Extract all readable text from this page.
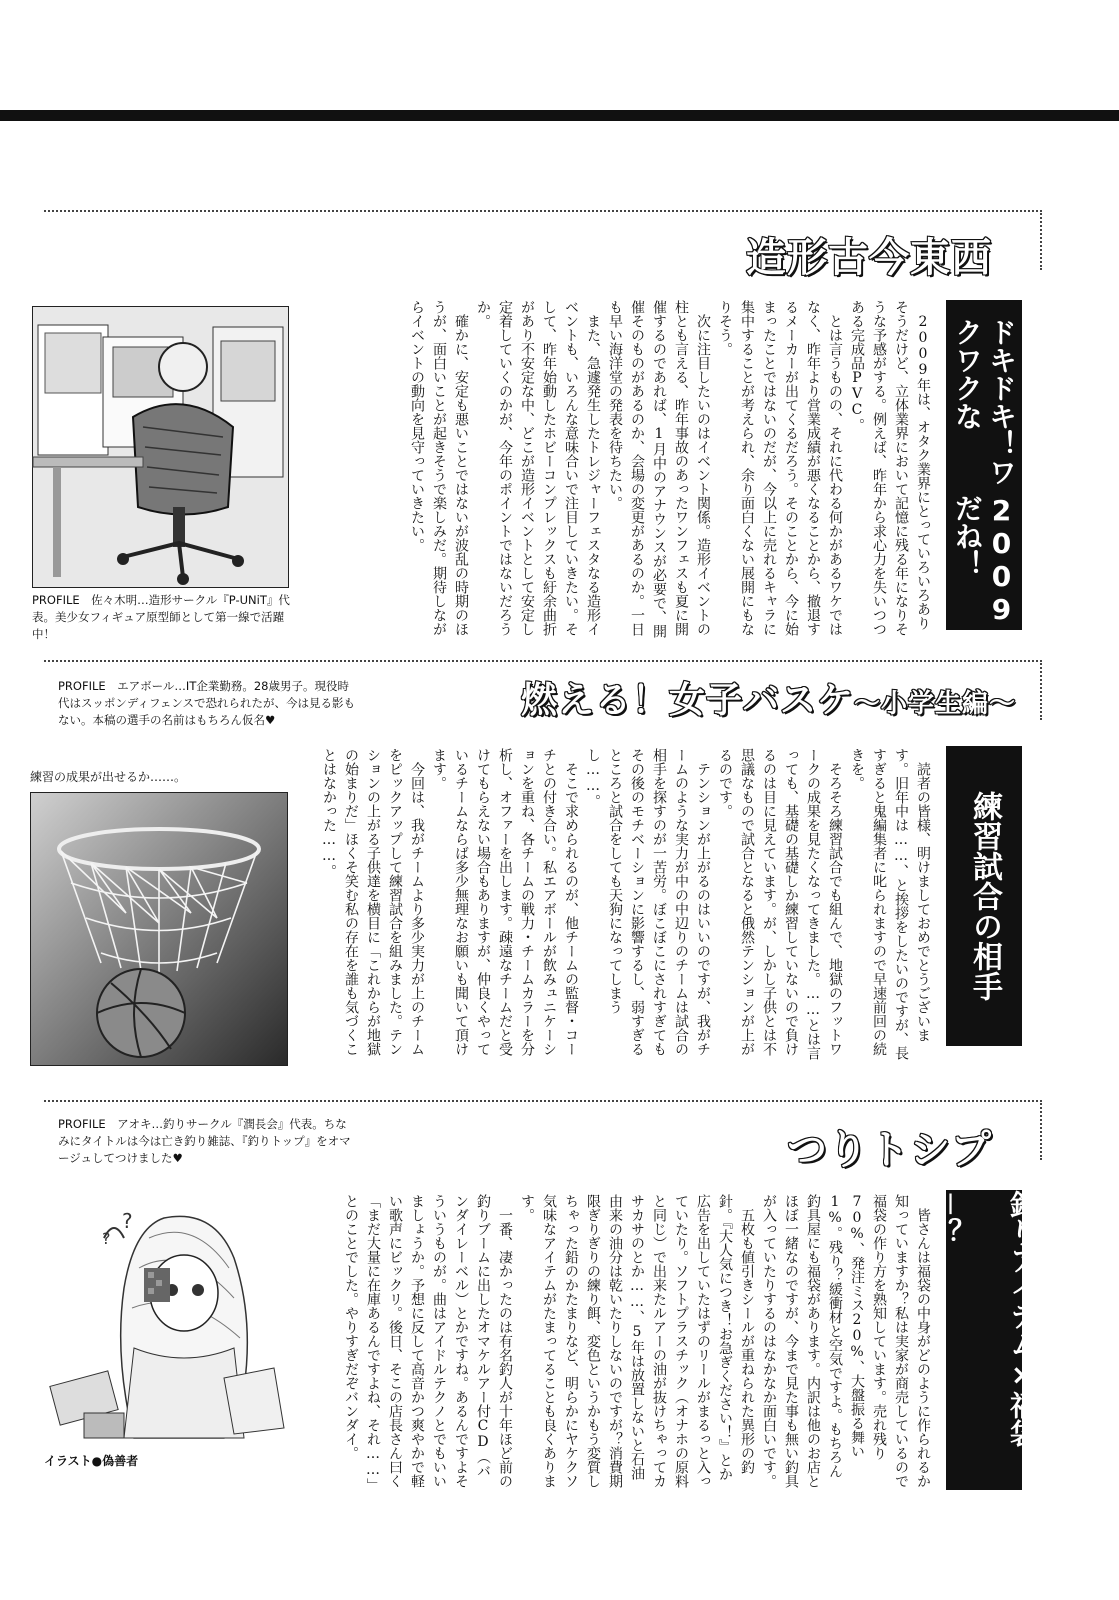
造形古今東西
ドキドキ！ワクワクな
2009だね！

2009年は、オタク業界にとっていろいろありそうだけど、立体業界において記憶に残る年になりそうな予感がする。例えば、昨年から求心力を失いつつある完成品PVC。

とは言うものの、それに代わる何かがあるワケではなく、昨年より営業成績が悪くなることから、撤退するメーカーが出てくるだろう。そのことから、今に始まったことではないのだが、今以上に売れるキャラに集中することが考えられ、余り面白くない展開にもなりそう。

次に注目したいのはイベント関係。造形イベントの柱とも言える、昨年事故のあったワンフェスも夏に開催するのであれば、1月中のアナウンスが必要で、開催そのものがあるのか、会場の変更があるのか。一日も早い海洋堂の発表を待ちたい。

また、急遽発生したトレジャーフェスタなる造形イベントも、いろんな意味合いで注目していきたい。そして、昨年始動したホビーコンプレックスも紆余曲折があり不安定な中、どこが造形イベントとして安定し定着していくのかが、今年のポイントではないだろうか。

確かに、安定も悪いことではないが波乱の時期のほうが、面白いことが起きそうで楽しみだ。期待しながらイベントの動向を見守っていきたい。

PROFILE　佐々木明…造形サークル『P-UNiT』代表。美少女フィギュア原型師として第一線で活躍中！
燃える！女子バスケ～小学生編～
練習試合の相手

読者の皆様、明けましておめでとうございます。旧年中は……、と挨拶をしたいのですが、長すぎると鬼編集者に叱られますので早速前回の続きを。

そろそろ練習試合でも組んで、地獄のフットワークの成果を見たくなってきました。……とは言っても、基礎の基礎しか練習していないので負けるのは目に見えています。が、しかし子供とは不思議なもので試合となると俄然テンションが上がるのです。

テンションが上がるのはいいのですが、我がチームのような実力が中の中辺りのチームは試合の相手を探すのが一苦労。ぼこぼこにされすぎてもその後のモチベーションに影響するし、弱すぎるところと試合をしても天狗になってしまうし……。

そこで求められるのが、他チームの監督・コーチとの付き合い。私エアボールが飲みュニケーションを重ね、各チームの戦力・チームカラーを分析し、オファーを出します。疎遠なチームだと受けてもらえない場合もありますが、仲良くやっているチームならば多少無理なお願いも聞いて頂けます。

今回は、我がチームより多少実力が上のチームをピックアップして練習試合を組みました。テンションの上がる子供達を横目に「これからが地獄の始まりだ」ほくそ笑む私の存在を誰も気づくことはなかった……。

PROFILE　エアボール…IT企業勤務。28歳男子。現役時代はスッポンディフェンスで恐れられたが、今は見る影もない。本稿の選手の名前はもちろん仮名♥
練習の成果が出せるか……。
つりトシプ
PROFILE　アオキ…釣りサークル『潤長会』代表。ちなみにタイトルは今は亡き釣り雑誌、『釣りトップ』をオマージュしてつけました♥
釣りアイテム×福袋＝？

皆さんは福袋の中身がどのように作られるか知っていますか？私は実家が商売しているので福袋の作り方を熟知しています。売れ残り70%、発注ミス20%、大盤振る舞い1%。残り？緩衝材と空気ですよ。もちろん釣具屋にも福袋があります。内訳は他のお店とほぼ一緒なのですが、今まで見た事も無い釣具が入っていたりするのはなかなか面白いです。

五枚も値引きシールが重ねられた異形の釣針。『大人気につき！お急ぎください！』とか広告を出していたはずのリールがまるっと入っていたり。ソフトプラスチック（オナホの原料と同じ）で出来たルアーの油が抜けちゃってカサカサのとか……、5年は放置しないと石油由来の油分は乾いたりしないのですが？消費期限ぎりぎりの練り餌、変色というかもう変質しちゃった鉛のかたまりなど、明らかにヤケクソ気味なアイテムがたまってることも良くあります。

一番、凄かったのは有名釣人が十年ほど前の釣りブームに出したオマケルアー付CD（バンダイレーベル）とかですね。あるんですよそういうものが。曲はアイドルテクノとでもいいましょうか。予想に反して高音かつ爽やかで軽い歌声にビックリ。後日、そこの店長さん曰く「まだ大量に在庫あるんですよね、それ……」とのことでした。やりすぎだぞバンダイ。

?
?
イラスト●偽善者
